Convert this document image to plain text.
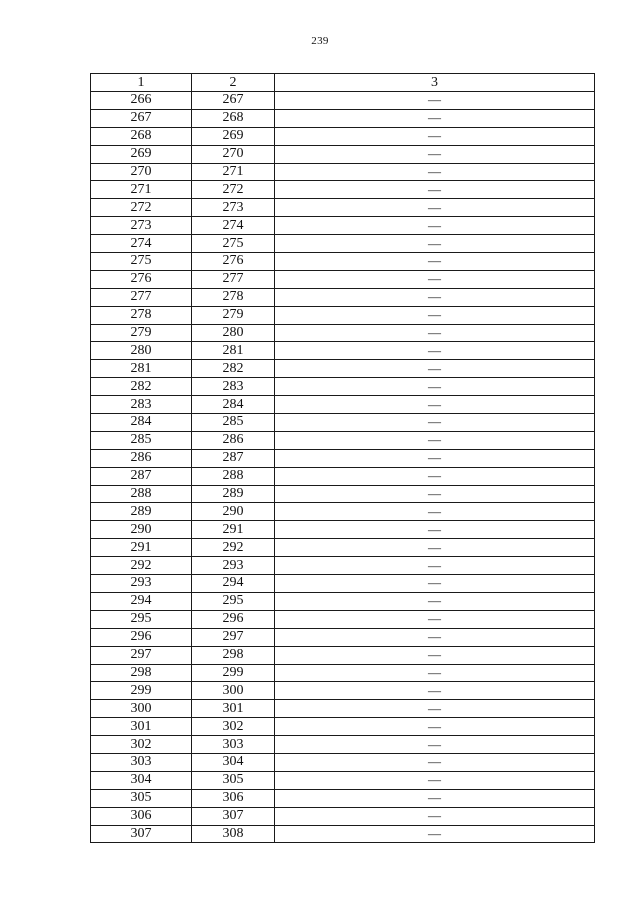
239
1	2	3
266	267	—
267	268	—
268	269	—
269	270	—
270	271	—
271	272	—
272	273	—
273	274	—
274	275	—
275	276	—
276	277	—
277	278	—
278	279	—
279	280	—
280	281	—
281	282	—
282	283	—
283	284	—
284	285	—
285	286	—
286	287	—
287	288	—
288	289	—
289	290	—
290	291	—
291	292	—
292	293	—
293	294	—
294	295	—
295	296	—
296	297	—
297	298	—
298	299	—
299	300	—
300	301	—
301	302	—
302	303	—
303	304	—
304	305	—
305	306	—
306	307	—
307	308	—
